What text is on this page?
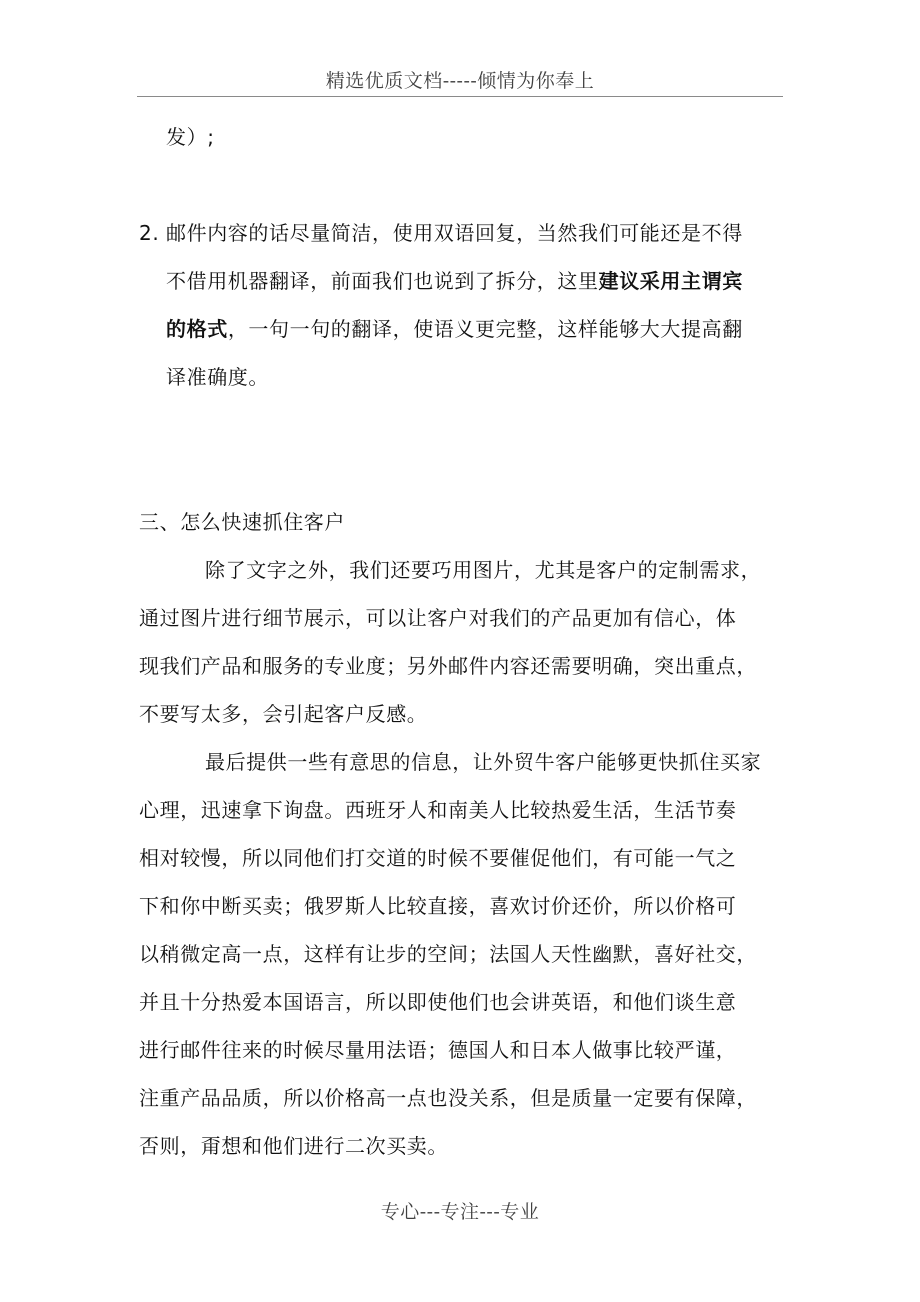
精选优质文档-----倾情为你奉上
发）;
2. 邮件内容的话尽量简洁，使用双语回复，当然我们可能还是不得
不借用机器翻译，前面我们也说到了拆分，这里建议采用主谓宾
的格式，一句一句的翻译，使语义更完整，这样能够大大提高翻
译准确度。
三、怎么快速抓住客户
除了文字之外，我们还要巧用图片，尤其是客户的定制需求，
通过图片进行细节展示，可以让客户对我们的产品更加有信心，体
现我们产品和服务的专业度；另外邮件内容还需要明确，突出重点，
不要写太多，会引起客户反感。
最后提供一些有意思的信息，让外贸牛客户能够更快抓住买家
心理，迅速拿下询盘。西班牙人和南美人比较热爱生活，生活节奏
相对较慢，所以同他们打交道的时候不要催促他们，有可能一气之
下和你中断买卖；俄罗斯人比较直接，喜欢讨价还价，所以价格可
以稍微定高一点，这样有让步的空间；法国人天性幽默，喜好社交，
并且十分热爱本国语言，所以即使他们也会讲英语，和他们谈生意
进行邮件往来的时候尽量用法语；德国人和日本人做事比较严谨，
注重产品品质，所以价格高一点也没关系，但是质量一定要有保障，
否则，甭想和他们进行二次买卖。
专心---专注---专业
